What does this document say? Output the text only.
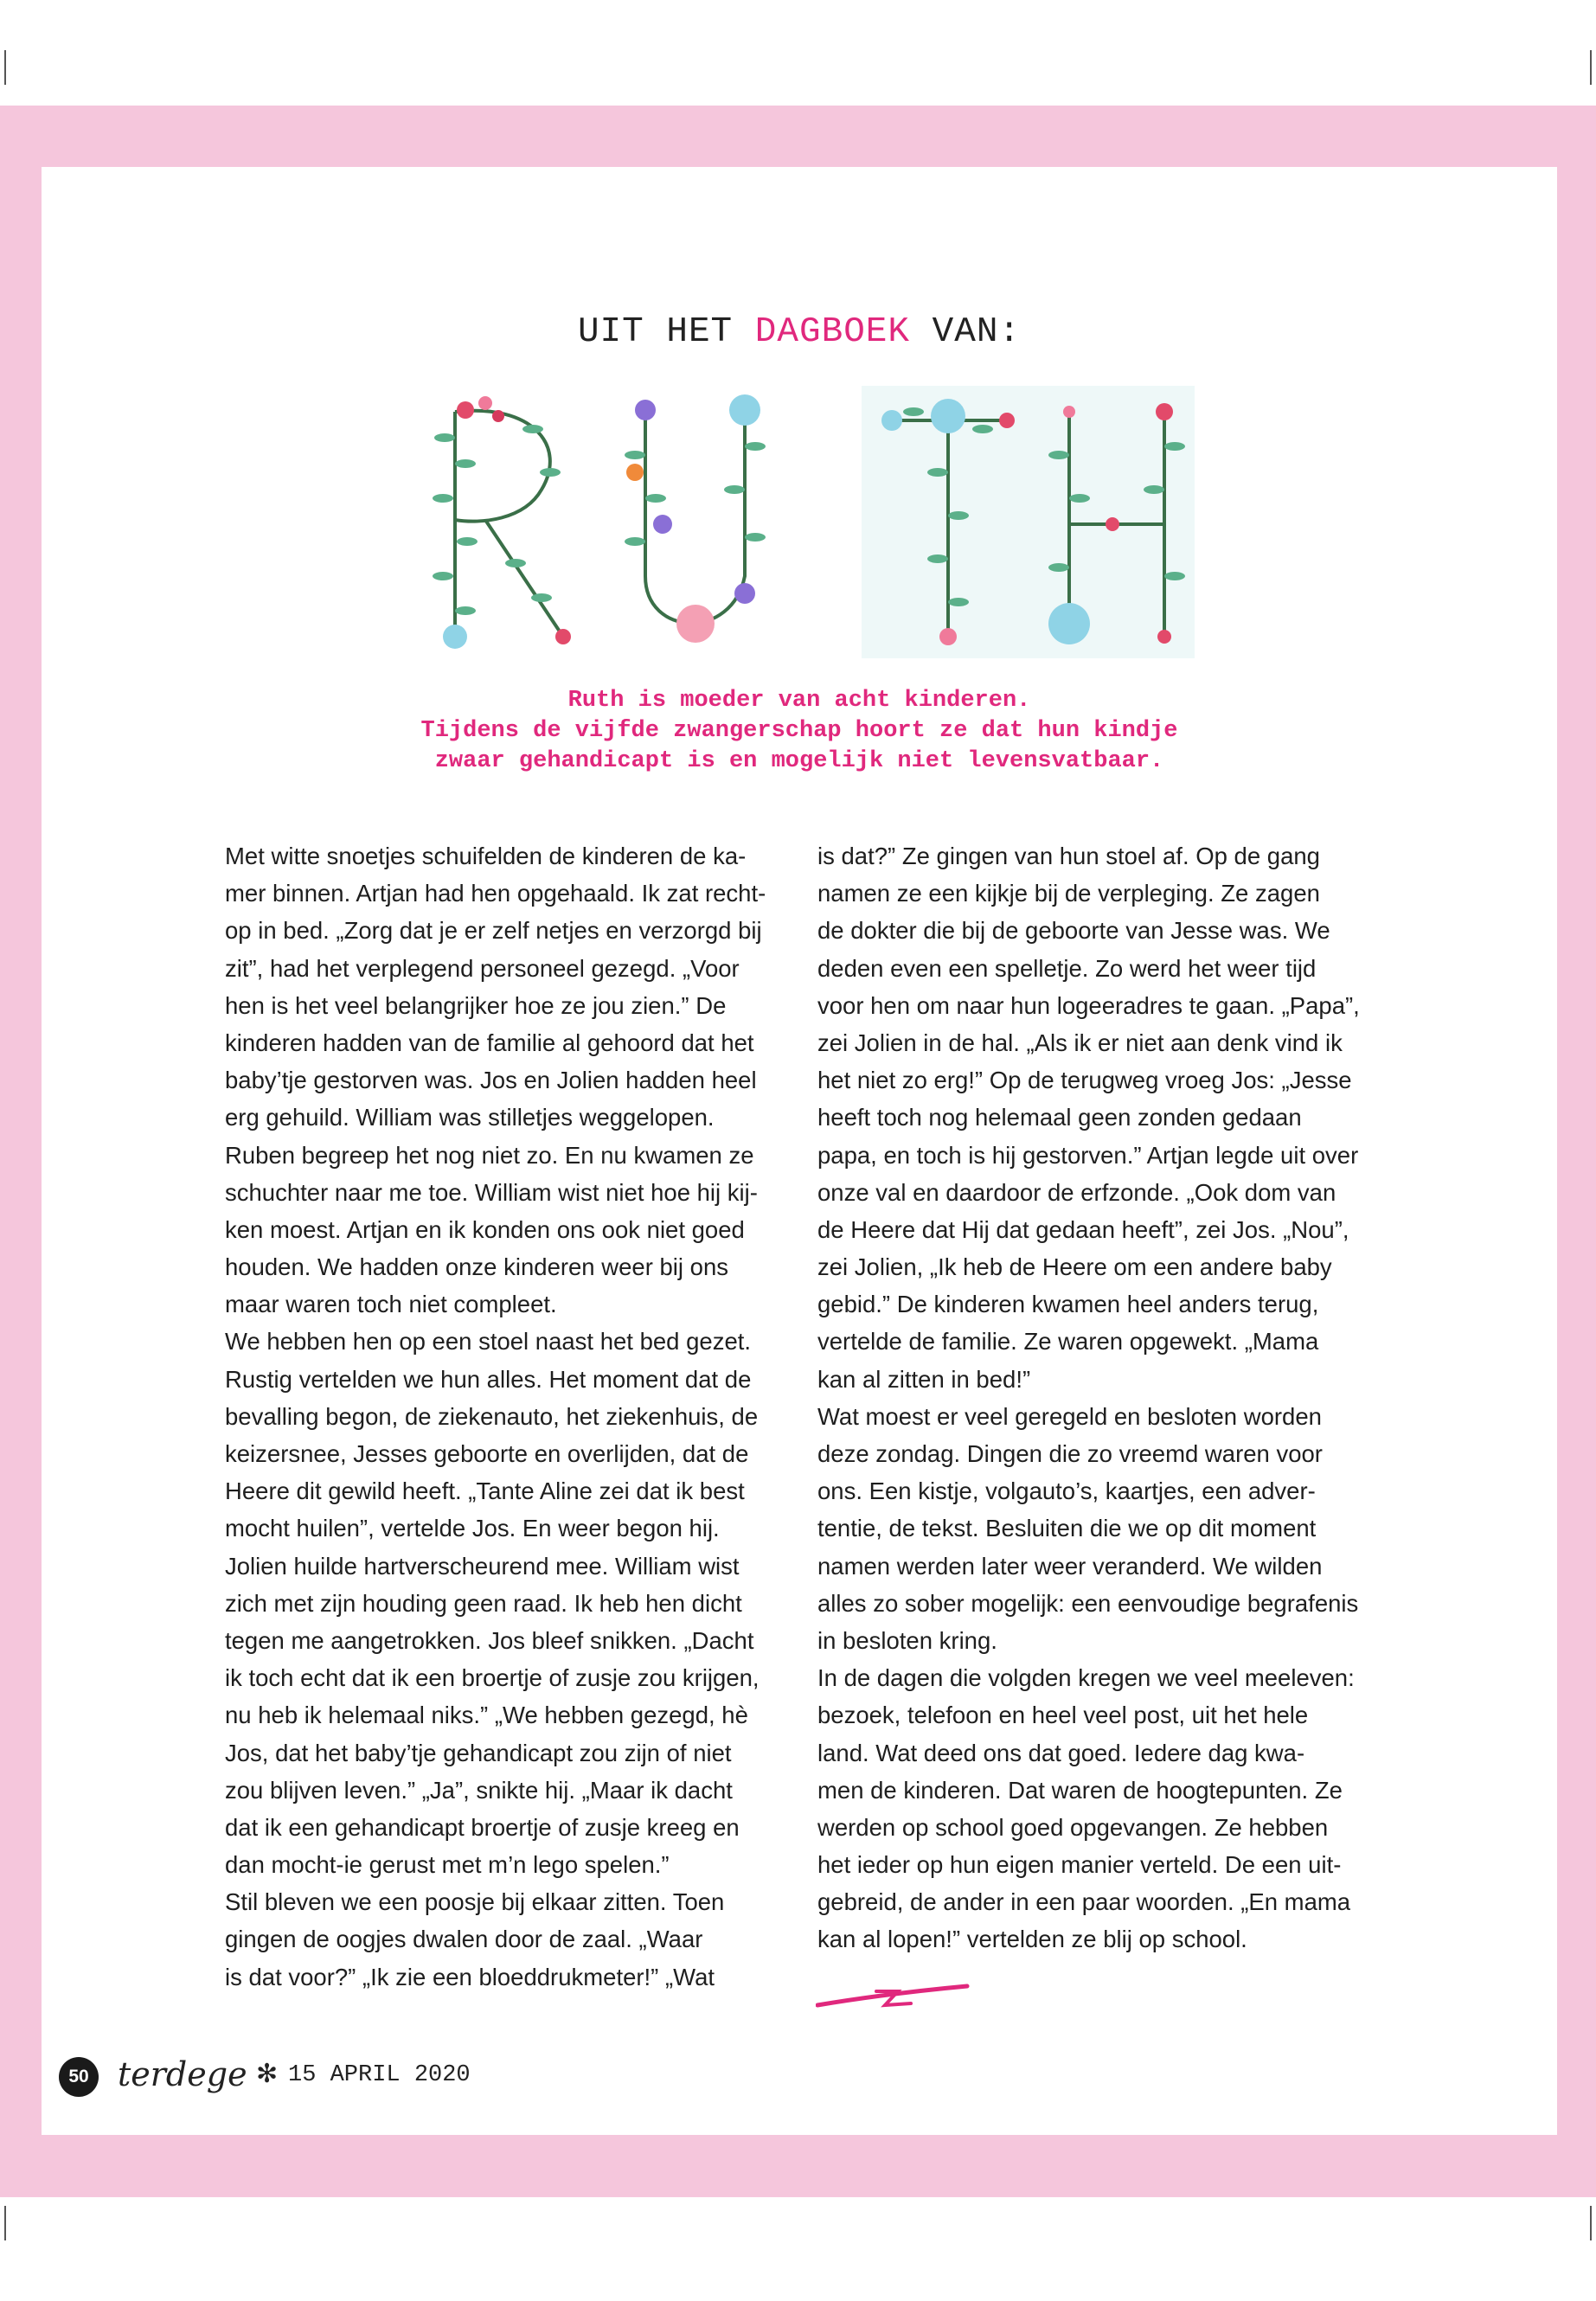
UIT HET DAGBOEK VAN:
Ruth is moeder van acht kinderen.
Tijdens de vijfde zwangerschap hoort ze dat hun kindje
zwaar gehandicapt is en mogelijk niet levensvatbaar.
Met witte snoetjes schuifelden de kinderen de ka-
mer binnen. Artjan had hen opgehaald. Ik zat recht-
op in bed. „Zorg dat je er zelf netjes en verzorgd bij
zit”, had het verplegend personeel gezegd. „Voor
hen is het veel belangrijker hoe ze jou zien.” De
kinderen hadden van de familie al gehoord dat het
baby’tje gestorven was. Jos en Jolien hadden heel
erg gehuild. William was stilletjes weggelopen.
Ruben begreep het nog niet zo. En nu kwamen ze
schuchter naar me toe. William wist niet hoe hij kij-
ken moest. Artjan en ik konden ons ook niet goed
houden. We hadden onze kinderen weer bij ons
maar waren toch niet compleet.
We hebben hen op een stoel naast het bed gezet.
Rustig vertelden we hun alles. Het moment dat de
bevalling begon, de ziekenauto, het ziekenhuis, de
keizersnee, Jesses geboorte en overlijden, dat de
Heere dit gewild heeft. „Tante Aline zei dat ik best
mocht huilen”, vertelde Jos. En weer begon hij.
Jolien huilde hartverscheurend mee. William wist
zich met zijn houding geen raad. Ik heb hen dicht
tegen me aangetrokken. Jos bleef snikken. „Dacht
ik toch echt dat ik een broertje of zusje zou krijgen,
nu heb ik helemaal niks.” „We hebben gezegd, hè
Jos, dat het baby’tje gehandicapt zou zijn of niet
zou blijven leven.” „Ja”, snikte hij. „Maar ik dacht
dat ik een gehandicapt broertje of zusje kreeg en
dan mocht-ie gerust met m’n lego spelen.”
Stil bleven we een poosje bij elkaar zitten. Toen
gingen de oogjes dwalen door de zaal. „Waar
is dat voor?” „Ik zie een bloeddrukmeter!” „Wat
is dat?” Ze gingen van hun stoel af. Op de gang
namen ze een kijkje bij de verpleging. Ze zagen
de dokter die bij de geboorte van Jesse was. We
deden even een spelletje. Zo werd het weer tijd
voor hen om naar hun logeeradres te gaan. „Papa”,
zei Jolien in de hal. „Als ik er niet aan denk vind ik
het niet zo erg!” Op de terugweg vroeg Jos: „Jesse
heeft toch nog helemaal geen zonden gedaan
papa, en toch is hij gestorven.” Artjan legde uit over
onze val en daardoor de erfzonde. „Ook dom van
de Heere dat Hij dat gedaan heeft”, zei Jos. „Nou”,
zei Jolien, „Ik heb de Heere om een andere baby
gebid.” De kinderen kwamen heel anders terug,
vertelde de familie. Ze waren opgewekt. „Mama
kan al zitten in bed!”
Wat moest er veel geregeld en besloten worden
deze zondag. Dingen die zo vreemd waren voor
ons. Een kistje, volgauto’s, kaartjes, een adver-
tentie, de tekst. Besluiten die we op dit moment
namen werden later weer veranderd. We wilden
alles zo sober mogelijk: een eenvoudige begrafenis
in besloten kring.
In de dagen die volgden kregen we veel meeleven:
bezoek, telefoon en heel veel post, uit het hele
land. Wat deed ons dat goed. Iedere dag kwa-
men de kinderen. Dat waren de hoogtepunten. Ze
werden op school goed opgevangen. Ze hebben
het ieder op hun eigen manier verteld. De een uit-
gebreid, de ander in een paar woorden. „En mama
kan al lopen!” vertelden ze blij op school.
50 terdege ✻ 15 APRIL 2020
